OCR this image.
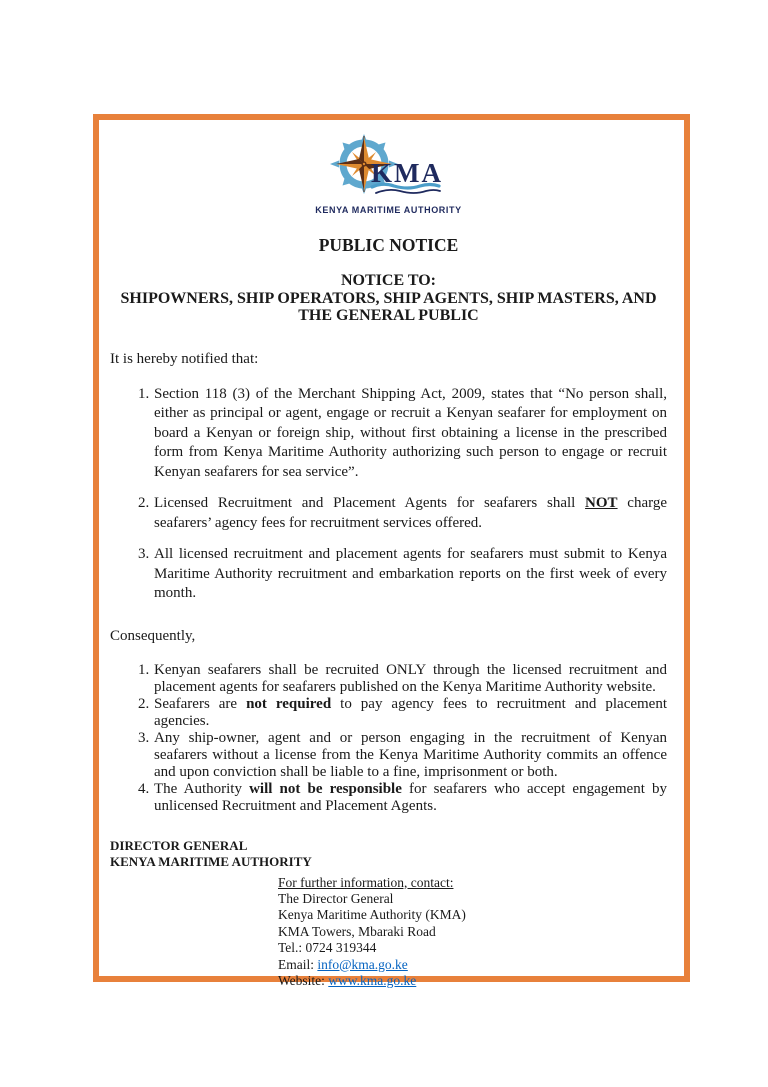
KMA
KENYA MARITIME AUTHORITY
PUBLIC NOTICE
NOTICE TO:
SHIPOWNERS, SHIP OPERATORS, SHIP AGENTS, SHIP MASTERS, AND THE GENERAL PUBLIC

It is hereby notified that:

1. Section 118 (3) of the Merchant Shipping Act, 2009, states that “No person shall, either as principal or agent, engage or recruit a Kenyan seafarer for employment on board a Kenyan or foreign ship, without first obtaining a license in the prescribed form from Kenya Maritime Authority authorizing such person to engage or recruit Kenyan seafarers for sea service”.
2. Licensed Recruitment and Placement Agents for seafarers shall NOT charge seafarers’ agency fees for recruitment services offered.
3. All licensed recruitment and placement agents for seafarers must submit to Kenya Maritime Authority recruitment and embarkation reports on the first week of every month.

Consequently,

1. Kenyan seafarers shall be recruited ONLY through the licensed recruitment and placement agents for seafarers published on the Kenya Maritime Authority website.
2. Seafarers are not required to pay agency fees to recruitment and placement agencies.
3. Any ship-owner, agent and or person engaging in the recruitment of Kenyan seafarers without a license from the Kenya Maritime Authority commits an offence and upon conviction shall be liable to a fine, imprisonment or both.
4. The Authority will not be responsible for seafarers who accept engagement by unlicensed Recruitment and Placement Agents.
DIRECTOR GENERAL
KENYA MARITIME AUTHORITY
For further information, contact:
The Director General
Kenya Maritime Authority (KMA)
KMA Towers, Mbaraki Road
Tel.: 0724 319344
Email: info@kma.go.ke
Website: www.kma.go.ke
